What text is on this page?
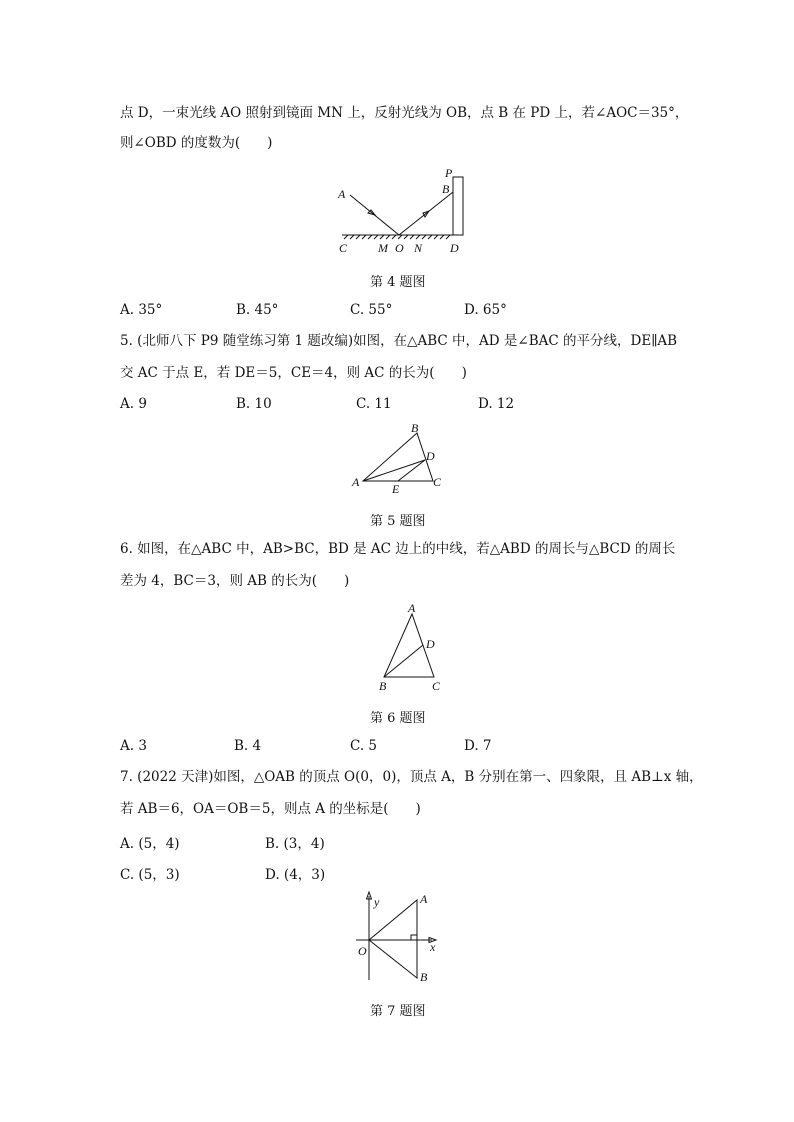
点 D，一束光线 AO 照射到镜面 MN 上，反射光线为 OB，点 B 在 PD 上，若∠AOC＝35°，
则∠OBD 的度数为(　　)
A
P
B
C	M O N D
第 4 题图
A. 35°	B. 45°	C. 55°	D. 65°
5. (北师八下 P9 随堂练习第 1 题改编)如图，在△ABC 中，AD 是∠BAC 的平分线，DE∥AB
交 AC 于点 E，若 DE＝5，CE＝4，则 AC 的长为(　　)
A. 9	B. 10	C. 11	D. 12
A
B
C
D
E
第 5 题图
6. 如图，在△ABC 中，AB>BC，BD 是 AC 边上的中线，若△ABD 的周长与△BCD 的周长
差为 4，BC＝3，则 AB 的长为(　　)
A
D
B	C
第 6 题图
A. 3	B. 4	C. 5	D. 7
7. (2022 天津)如图，△OAB 的顶点 O(0，0)，顶点 A，B 分别在第一、四象限，且 AB⊥x 轴，
若 AB＝6，OA＝OB＝5，则点 A 的坐标是(　　)
A. (5，4)	B. (3，4)
C. (5，3)	D. (4，3)
y	A
x
O
B
第 7 题图
